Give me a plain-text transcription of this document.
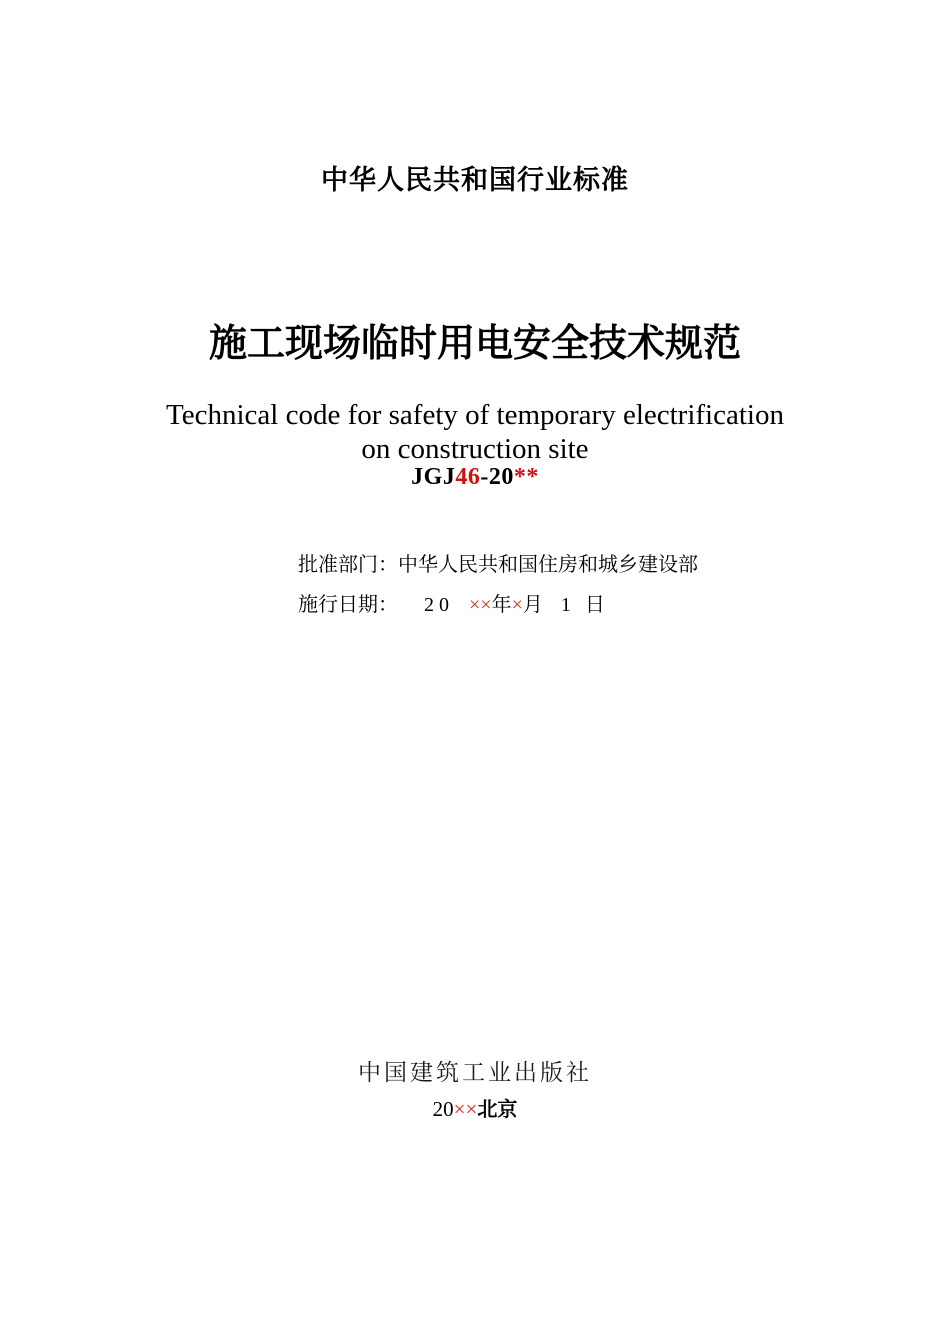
中华人民共和国行业标准
施工现场临时用电安全技术规范
Technical code for safety of temporary electrification
on construction site
JGJ46-20**
批准部门：中华人民共和国住房和城乡建设部
施行日期： 2 0 ××年×月 1 日
中国建筑工业出版社
20××北京
